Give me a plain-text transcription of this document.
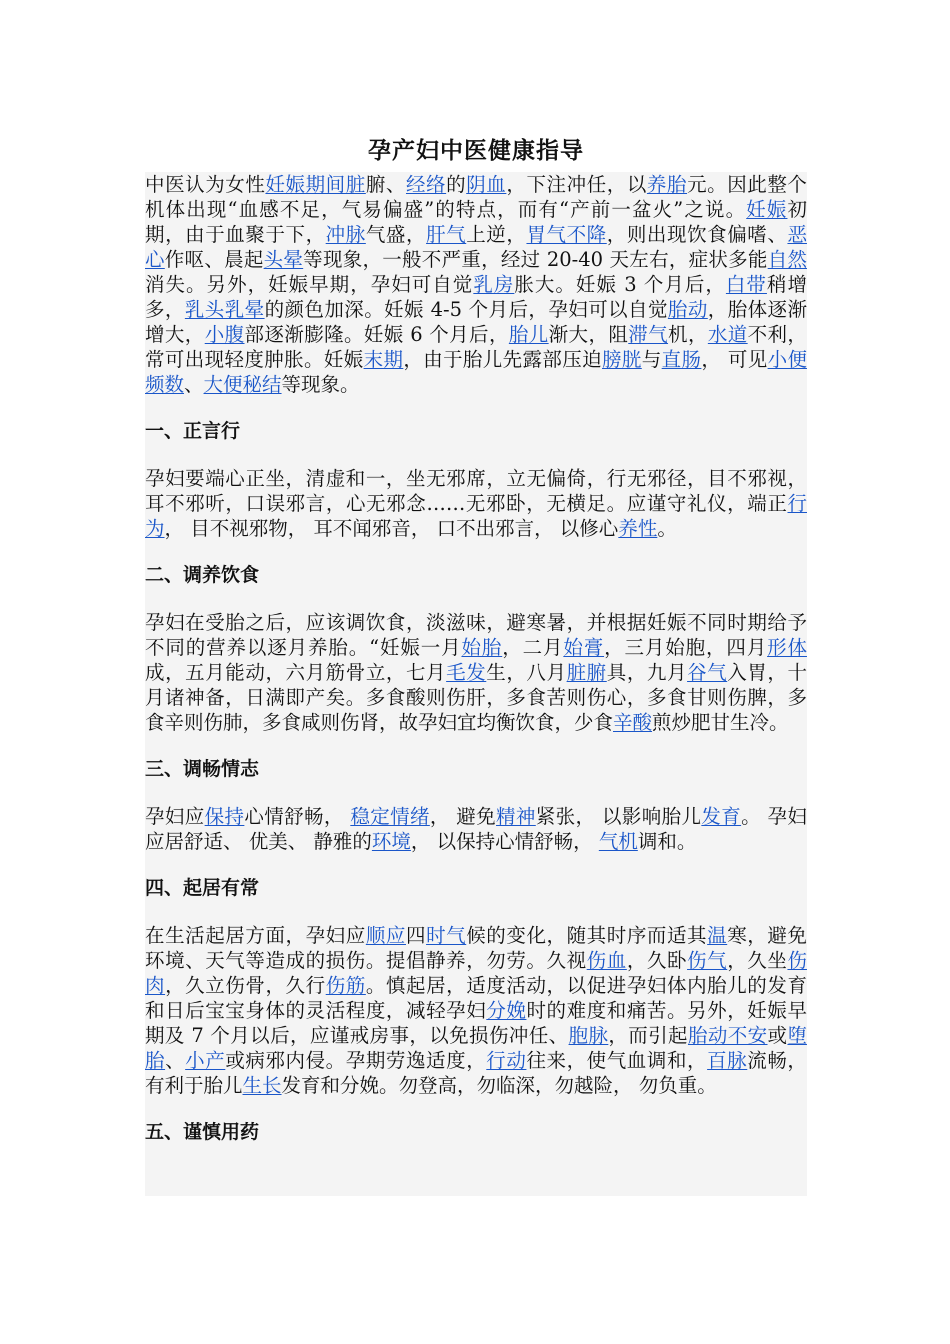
孕产妇中医健康指导

中医认为女性妊娠期间脏腑、经络的阴血，下注冲任，以养胎元。因此整个机体出现“血感不足，气易偏盛”的特点，而有“产前一盆火”之说。妊娠初期，由于血聚于下，冲脉气盛，肝气上逆，胃气不降，则出现饮食偏嗜、恶心作呕、晨起头晕等现象，一般不严重，经过 20-40 天左右，症状多能自然消失。另外，妊娠早期，孕妇可自觉乳房胀大。妊娠 3 个月后，白带稍增多，乳头乳晕的颜色加深。妊娠 4-5 个月后，孕妇可以自觉胎动，胎体逐渐增大，小腹部逐渐膨隆。妊娠 6 个月后，胎儿渐大，阻滞气机，水道不利，常可出现轻度肿胀。妊娠末期，由于胎儿先露部压迫膀胱与直肠， 可见小便频数、大便秘结等现象。

一、正言行

孕妇要端心正坐，清虚和一，坐无邪席，立无偏倚，行无邪径，目不邪视，耳不邪听，口误邪言，心无邪念……无邪卧，无横足。应谨守礼仪，端正行为， 目不视邪物， 耳不闻邪音， 口不出邪言， 以修心养性。

二、调养饮食

孕妇在受胎之后，应该调饮食，淡滋味，避寒暑，并根据妊娠不同时期给予不同的营养以逐月养胎。“妊娠一月始胎，二月始膏，三月始胞，四月形体成，五月能动，六月筋骨立，七月毛发生，八月脏腑具，九月谷气入胃，十月诸神备，日满即产矣。多食酸则伤肝，多食苦则伤心，多食甘则伤脾，多食辛则伤肺，多食咸则伤肾，故孕妇宜均衡饮食，少食辛酸煎炒肥甘生冷。

三、调畅情志

孕妇应保持心情舒畅， 稳定情绪， 避免精神紧张， 以影响胎儿发育。 孕妇应居舒适、 优美、 静雅的环境， 以保持心情舒畅， 气机调和。

四、起居有常

在生活起居方面，孕妇应顺应四时气候的变化，随其时序而适其温寒，避免环境、天气等造成的损伤。提倡静养，勿劳。久视伤血，久卧伤气，久坐伤肉，久立伤骨，久行伤筋。慎起居，适度活动，以促进孕妇体内胎儿的发育和日后宝宝身体的灵活程度，减轻孕妇分娩时的难度和痛苦。另外，妊娠早期及 7 个月以后，应谨戒房事，以免损伤冲任、胞脉，而引起胎动不安或堕胎、小产或病邪内侵。孕期劳逸适度，行动往来，使气血调和，百脉流畅，有利于胎儿生长发育和分娩。勿登高，勿临深，勿越险， 勿负重。

五、谨慎用药
